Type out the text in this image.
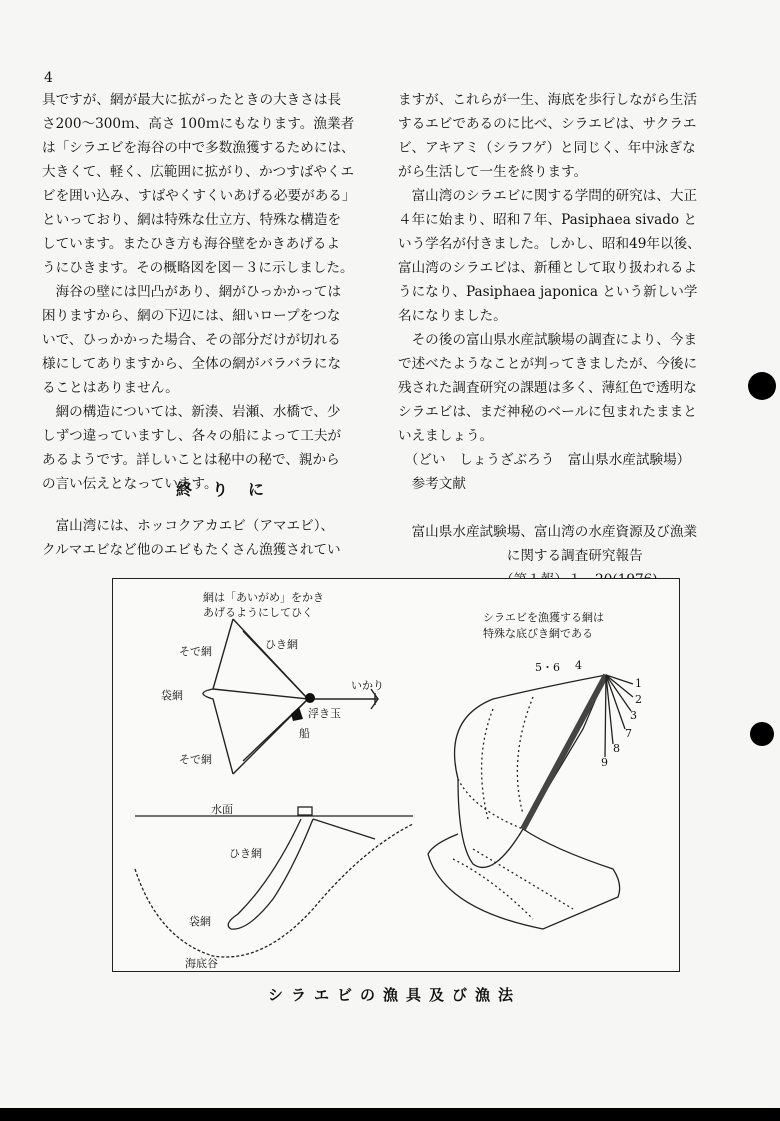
4
具ですが、網が最大に拡がったときの大きさは長
さ200～300ｍ、高さ 100ｍにもなります。漁業者
は「シラエビを海谷の中で多数漁獲するためには、
大きくて、軽く、広範囲に拡がり、かつすばやくエ
ビを囲い込み、すばやくすくいあげる必要がある」
といっており、網は特殊な仕立方、特殊な構造を
しています。またひき方も海谷壁をかきあげるよ
うにひきます。その概略図を図－３に示しました。
　海谷の壁には凹凸があり、網がひっかかっては
困りますから、網の下辺には、細いロープをつな
いで、ひっかかった場合、その部分だけが切れる
様にしてありますから、全体の網がバラバラにな
ることはありません。
　網の構造については、新湊、岩瀬、水橋で、少
しずつ違っていますし、各々の船によって工夫が
あるようです。詳しいことは秘中の秘で、親から
の言い伝えとなっています。
終りに
　富山湾には、ホッコクアカエビ（アマエビ）、
クルマエビなど他のエビもたくさん漁獲されてい
ますが、これらが一生、海底を歩行しながら生活
するエビであるのに比べ、シラエビは、サクラエ
ビ、アキアミ（シラフゲ）と同じく、年中泳ぎな
がら生活して一生を終ります。
　富山湾のシラエビに関する学問的研究は、大正
４年に始まり、昭和７年、Pasiphaea sivado と
いう学名が付きました。しかし、昭和49年以後、
富山湾のシラエビは、新種として取り扱われるよ
うになり、Pasiphaea japonica という新しい学
名になりました。
　その後の富山県水産試験場の調査により、今ま
で述べたようなことが判ってきましたが、今後に
残された調査研究の課題は多く、薄紅色で透明な
シラエビは、まだ神秘のベールに包まれたままと
いえましょう。
　（どい　しょうざぶろう　富山県水産試験場）
　参考文献
　富山県水産試験場、富山湾の水産資源及び漁業
　　　　　　　　に関する調査研究報告
網は「あいがめ」をかき
あげるようにしてひく	シラエビを漁獲する網は
特殊な底びき網である
そで網
ひき網
いかり
袋網
浮き玉
船
そで網
水面
ひき網
袋網
海底谷
5・6 4
1
2
3
7
8
9
シラエビの漁具及び漁法
